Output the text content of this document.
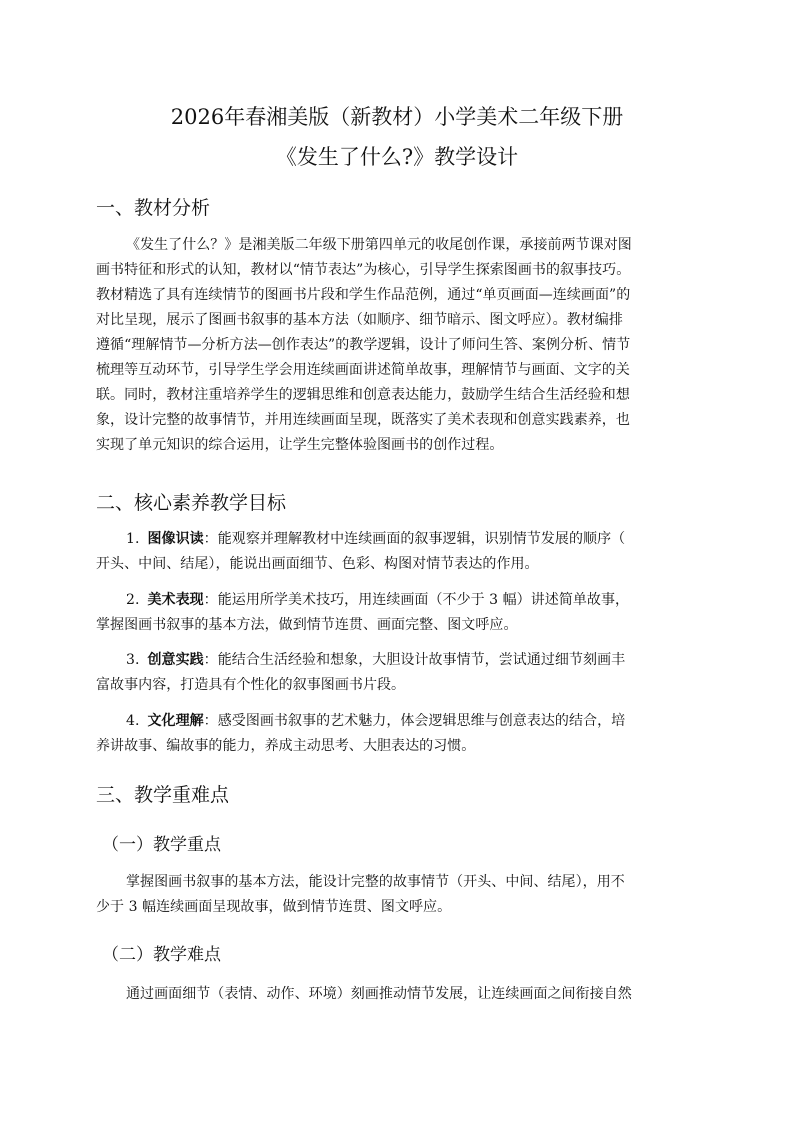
2026年春湘美版（新教材）小学美术二年级下册
《发生了什么?》教学设计
一、教材分析
《发生了什么？》是湘美版二年级下册第四单元的收尾创作课，承接前两节课对图
画书特征和形式的认知，教材以“情节表达”为核心，引导学生探索图画书的叙事技巧。
教材精选了具有连续情节的图画书片段和学生作品范例，通过“单页画面—连续画面”的
对比呈现，展示了图画书叙事的基本方法（如顺序、细节暗示、图文呼应）。教材编排
遵循“理解情节—分析方法—创作表达”的教学逻辑，设计了师问生答、案例分析、情节
梳理等互动环节，引导学生学会用连续画面讲述简单故事，理解情节与画面、文字的关
联。同时，教材注重培养学生的逻辑思维和创意表达能力，鼓励学生结合生活经验和想
象，设计完整的故事情节，并用连续画面呈现，既落实了美术表现和创意实践素养，也
实现了单元知识的综合运用，让学生完整体验图画书的创作过程。
二、核心素养教学目标
1. 图像识读：能观察并理解教材中连续画面的叙事逻辑，识别情节发展的顺序（
开头、中间、结尾），能说出画面细节、色彩、构图对情节表达的作用。
2. 美术表现：能运用所学美术技巧，用连续画面（不少于 3 幅）讲述简单故事，
掌握图画书叙事的基本方法，做到情节连贯、画面完整、图文呼应。
3. 创意实践：能结合生活经验和想象，大胆设计故事情节，尝试通过细节刻画丰
富故事内容，打造具有个性化的叙事图画书片段。
4. 文化理解：感受图画书叙事的艺术魅力，体会逻辑思维与创意表达的结合，培
养讲故事、编故事的能力，养成主动思考、大胆表达的习惯。
三、教学重难点
（一）教学重点
掌握图画书叙事的基本方法，能设计完整的故事情节（开头、中间、结尾），用不
少于 3 幅连续画面呈现故事，做到情节连贯、图文呼应。
（二）教学难点
通过画面细节（表情、动作、环境）刻画推动情节发展，让连续画面之间衔接自然
